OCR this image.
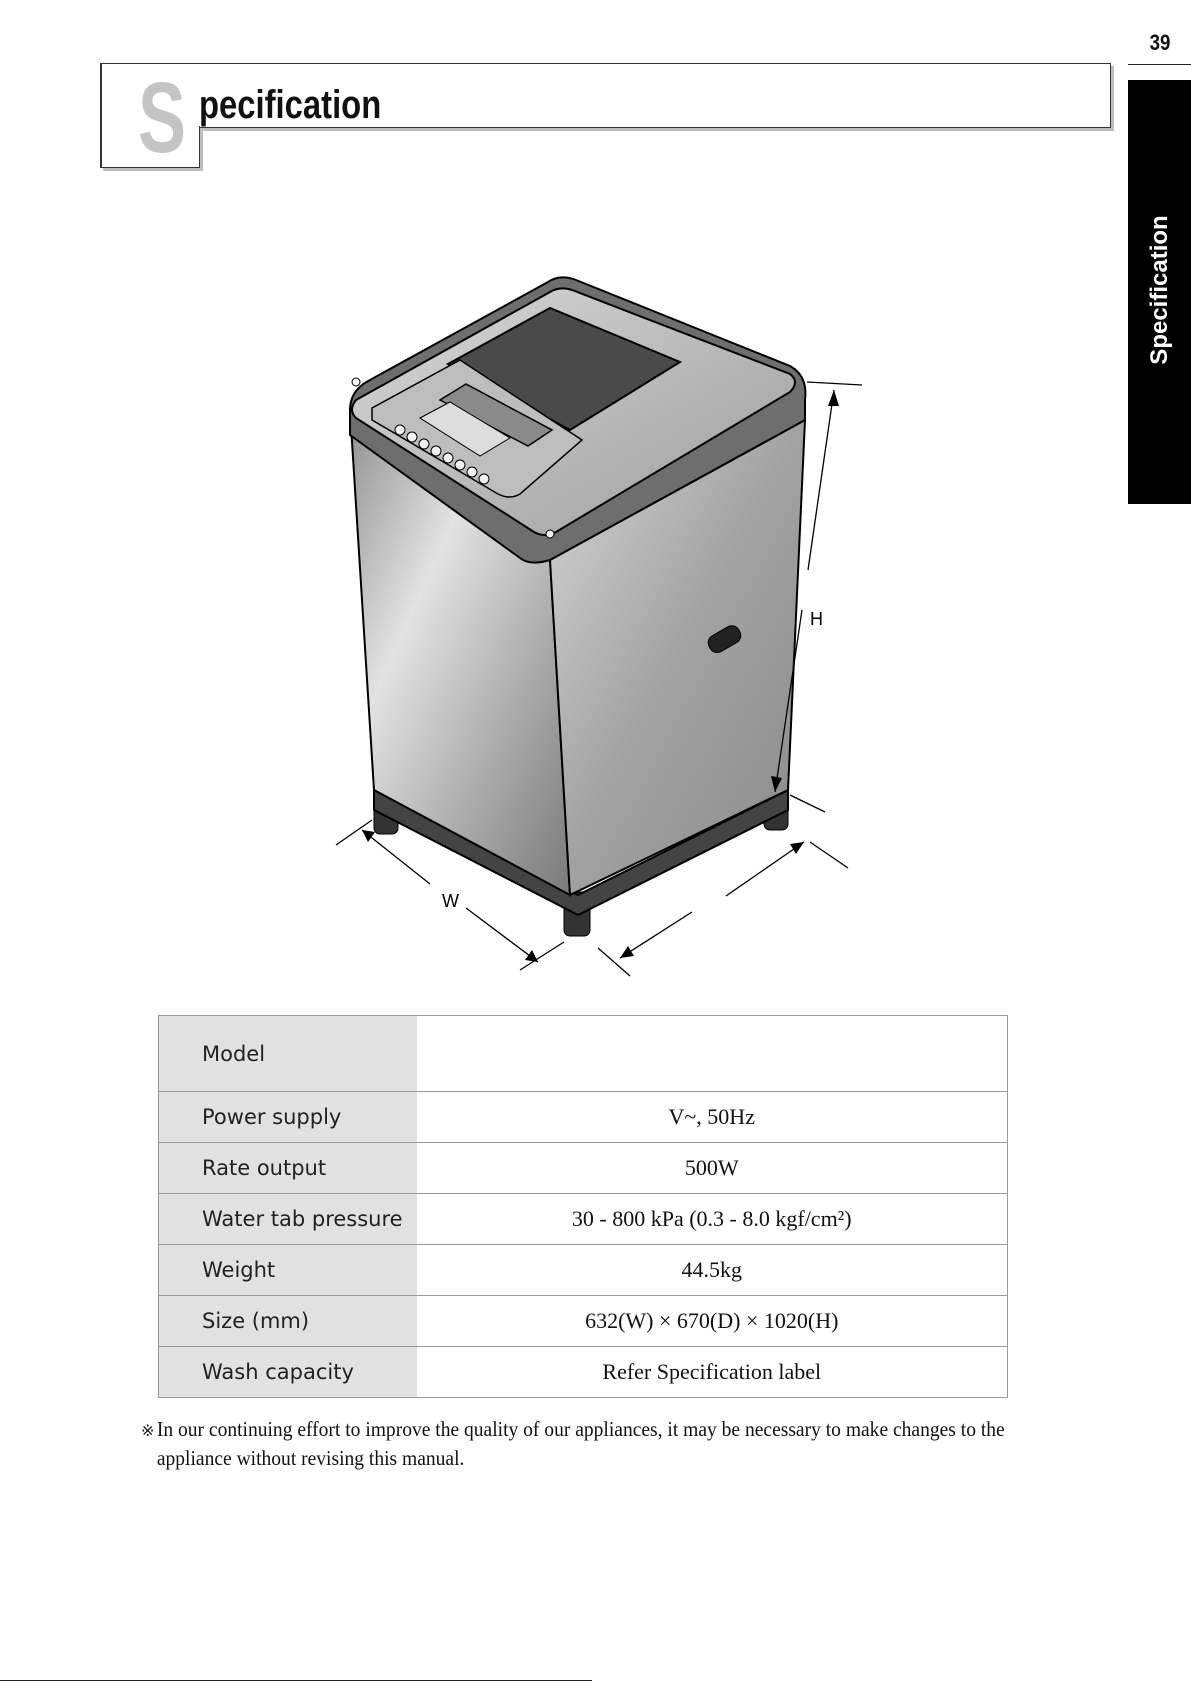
39
Specification
S pecification
H
W
Model	
Power supply	V~, 50Hz
Rate output	500W
Water tab pressure	30 - 800 kPa (0.3 - 8.0 kgf/cm²)
Weight	44.5kg
Size (mm)	632(W) × 670(D) × 1020(H)
Wash capacity	Refer Specification label
※ In our continuing effort to improve the quality of our appliances, it may be necessary to make changes to the appliance without revising this manual.
